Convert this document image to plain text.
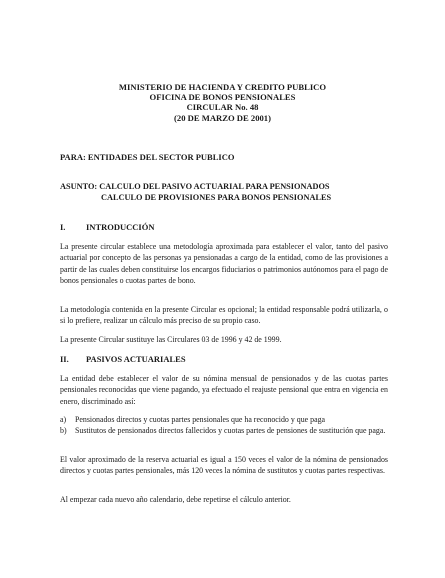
MINISTERIO DE HACIENDA Y CREDITO PUBLICO
OFICINA DE BONOS PENSIONALES
CIRCULAR No. 48
(20 DE MARZO DE 2001)
PARA: ENTIDADES DEL SECTOR PUBLICO
ASUNTO: CALCULO DEL PASIVO ACTUARIAL PARA PENSIONADOS
CALCULO DE PROVISIONES PARA BONOS PENSIONALES
I. INTRODUCCIÓN

La presente circular establece una metodología aproximada para establecer el valor, tanto del pasivo actuarial por concepto de las personas ya pensionadas a cargo de la entidad, como de las provisiones a partir de las cuales deben constituirse los encargos fiduciarios o patrimonios autónomos para el pago de bonos pensionales o cuotas partes de bono.

La metodología contenida en la presente Circular es opcional; la entidad responsable podrá utilizarla, o si lo prefiere, realizar un cálculo más preciso de su propio caso.

La presente Circular sustituye las Circulares 03 de 1996 y 42 de 1999.

II. PASIVOS ACTUARIALES

La entidad debe establecer el valor de su nómina mensual de pensionados y de las cuotas partes pensionales reconocidas que viene pagando, ya efectuado el reajuste pensional que entra en vigencia en enero, discriminado así:

a)	Pensionados directos y cuotas partes pensionales que ha reconocido y que paga
b)	Sustitutos de pensionados directos fallecidos y cuotas partes de pensiones de sustitución que paga.

El valor aproximado de la reserva actuarial es igual a 150 veces el valor de la nómina de pensionados directos y cuotas partes pensionales, más 120 veces la nómina de sustitutos y cuotas partes respectivas.

Al empezar cada nuevo año calendario, debe repetirse el cálculo anterior.
